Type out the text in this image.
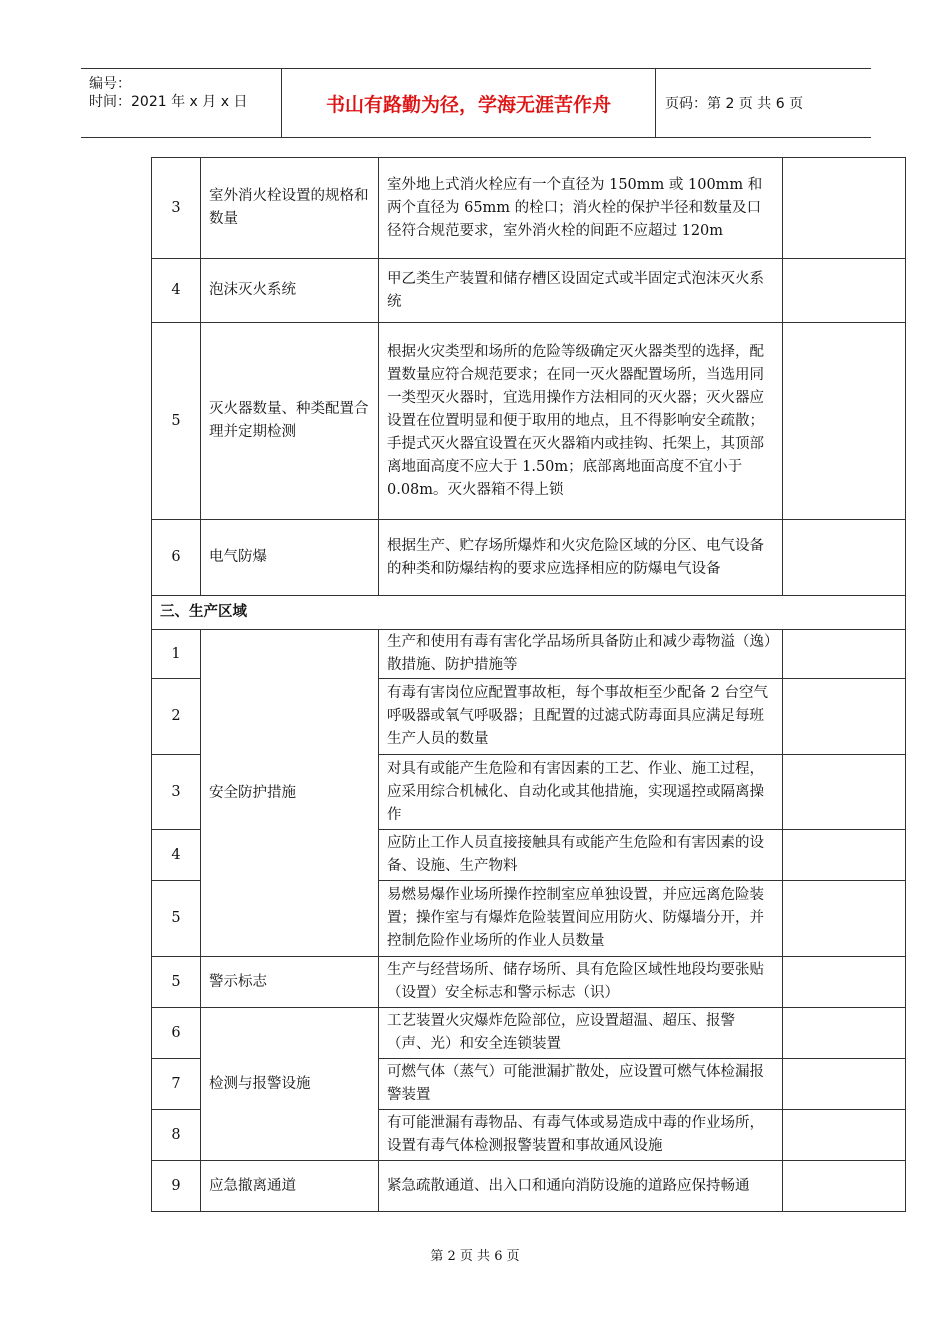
编号：
时间：2021 年 x 月 x 日	书山有路勤为径，学海无涯苦作舟	页码：第 2 页 共 6 页
3	室外消火栓设置的规格和数量	室外地上式消火栓应有一个直径为 150mm 或 100mm 和两个直径为 65mm 的栓口；消火栓的保护半径和数量及口径符合规范要求，室外消火栓的间距不应超过 120m	
4	泡沫灭火系统	甲乙类生产装置和储存槽区设固定式或半固定式泡沫灭火系统	
5	灭火器数量、种类配置合理并定期检测	根据火灾类型和场所的危险等级确定灭火器类型的选择，配置数量应符合规范要求；在同一灭火器配置场所，当选用同一类型灭火器时，宜选用操作方法相同的灭火器；灭火器应设置在位置明显和便于取用的地点，且不得影响安全疏散；手提式灭火器宜设置在灭火器箱内或挂钩、托架上，其顶部离地面高度不应大于 1.50m；底部离地面高度不宜小于 0.08m。灭火器箱不得上锁	
6	电气防爆	根据生产、贮存场所爆炸和火灾危险区域的分区、电气设备的种类和防爆结构的要求应选择相应的防爆电气设备	
三、生产区域			
1	安全防护措施	生产和使用有毒有害化学品场所具备防止和减少毒物溢（逸）散措施、防护措施等	
2		有毒有害岗位应配置事故柜，每个事故柜至少配备 2 台空气呼吸器或氧气呼吸器；且配置的过滤式防毒面具应满足每班生产人员的数量	
3		对具有或能产生危险和有害因素的工艺、作业、施工过程，应采用综合机械化、自动化或其他措施，实现遥控或隔离操作	
4		应防止工作人员直接接触具有或能产生危险和有害因素的设备、设施、生产物料	
5		易燃易爆作业场所操作控制室应单独设置，并应远离危险装置；操作室与有爆炸危险装置间应用防火、防爆墙分开，并控制危险作业场所的作业人员数量	
5	警示标志	生产与经营场所、储存场所、具有危险区域性地段均要张贴（设置）安全标志和警示标志（识）	
6	检测与报警设施	工艺装置火灾爆炸危险部位，应设置超温、超压、报警（声、光）和安全连锁装置	
7		可燃气体（蒸气）可能泄漏扩散处，应设置可燃气体检漏报警装置	
8		有可能泄漏有毒物品、有毒气体或易造成中毒的作业场所，设置有毒气体检测报警装置和事故通风设施	
9	应急撤离通道	紧急疏散通道、出入口和通向消防设施的道路应保持畅通	
第 2 页 共 6 页
